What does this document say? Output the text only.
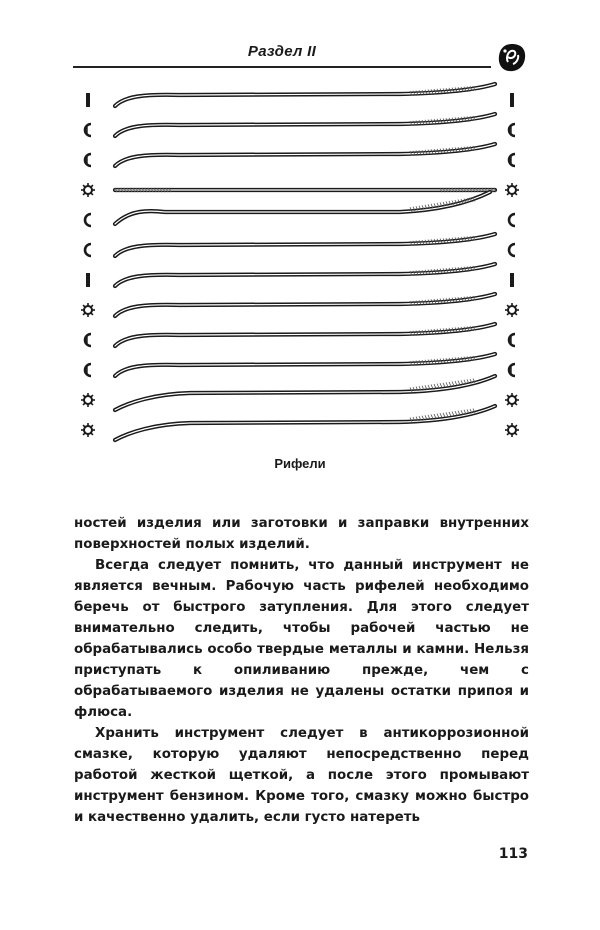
Раздел II
Рифели

ностей изделия или заготовки и заправки внутренних поверхностей полых изделий.

Всегда следует помнить, что данный инструмент не является вечным. Рабочую часть рифелей необходимо беречь от быстрого затупления. Для этого следует внимательно следить, чтобы рабочей частью не обрабатывались особо твердые металлы и камни. Нельзя приступать к опиливанию прежде, чем с обрабатываемого изделия не удалены остатки припоя и флюса.

Хранить инструмент следует в антикоррозионной смазке, которую удаляют непосредственно перед работой жесткой щеткой, а после этого промывают инструмент бензином. Кроме того, смазку можно быстро и качественно удалить, если густо натереть

113
